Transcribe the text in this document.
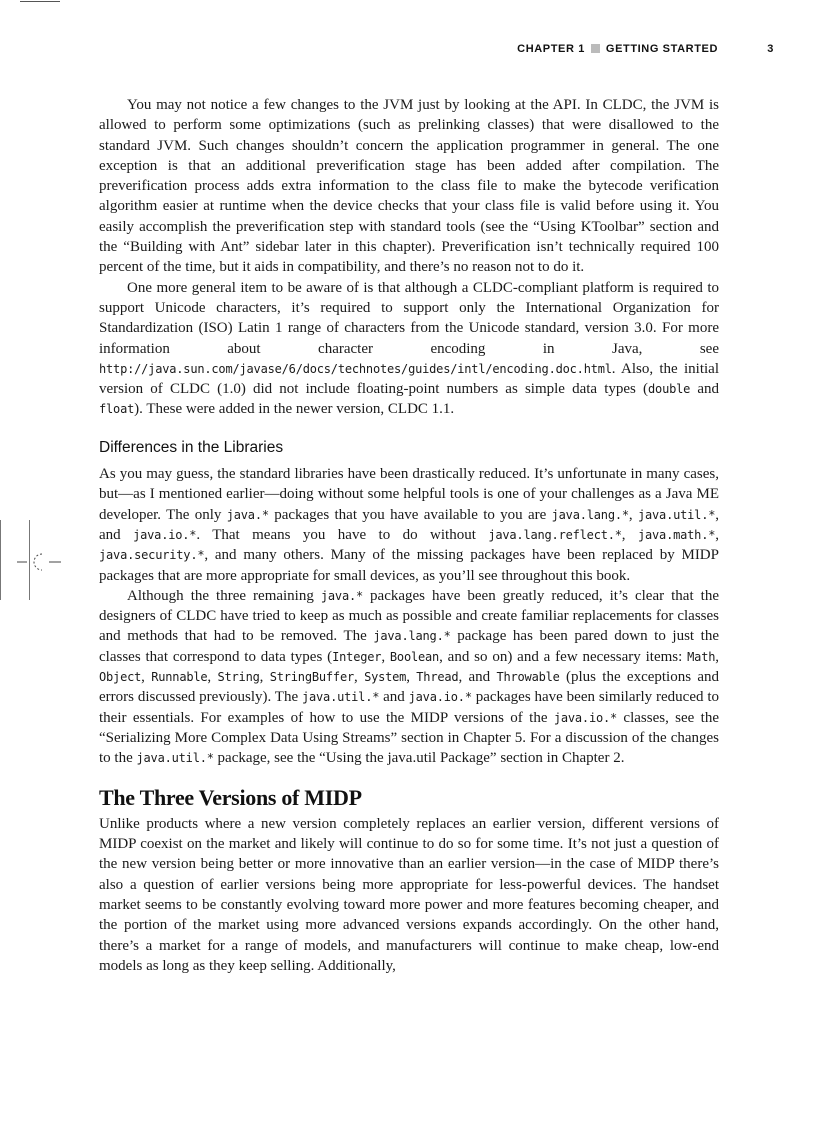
CHAPTER 1 GETTING STARTED	3

You may not notice a few changes to the JVM just by looking at the API. In CLDC, the JVM is allowed to perform some optimizations (such as prelinking classes) that were disallowed to the standard JVM. Such changes shouldn’t concern the application programmer in general. The one exception is that an additional preverification stage has been added after compilation. The preverification process adds extra information to the class file to make the bytecode verification algorithm easier at runtime when the device checks that your class file is valid before using it. You easily accomplish the preverification step with standard tools (see the “Using KToolbar” section and the “Building with Ant” sidebar later in this chapter). Preverification isn’t technically required 100 percent of the time, but it aids in compatibility, and there’s no reason not to do it.

One more general item to be aware of is that although a CLDC-compliant platform is required to support Unicode characters, it’s required to support only the International Organization for Standardization (ISO) Latin 1 range of characters from the Unicode standard, version 3.0. For more information about character encoding in Java, see http://java.sun.com/javase/6/docs/technotes/guides/intl/encoding.doc.html. Also, the initial version of CLDC (1.0) did not include floating-point numbers as simple data types (double and float). These were added in the newer version, CLDC 1.1.

Differences in the Libraries

As you may guess, the standard libraries have been drastically reduced. It’s unfortunate in many cases, but—as I mentioned earlier—doing without some helpful tools is one of your challenges as a Java ME developer. The only java.* packages that you have available to you are java.lang.*, java.util.*, and java.io.*. That means you have to do without java.lang.reflect.*, java.math.*, java.security.*, and many others. Many of the missing packages have been replaced by MIDP packages that are more appropriate for small devices, as you’ll see throughout this book.

Although the three remaining java.* packages have been greatly reduced, it’s clear that the designers of CLDC have tried to keep as much as possible and create familiar replacements for classes and methods that had to be removed. The java.lang.* package has been pared down to just the classes that correspond to data types (Integer, Boolean, and so on) and a few necessary items: Math, Object, Runnable, String, StringBuffer, System, Thread, and Throwable (plus the exceptions and errors discussed previously). The java.util.* and java.io.* packages have been similarly reduced to their essentials. For examples of how to use the MIDP versions of the java.io.* classes, see the “Serializing More Complex Data Using Streams” section in Chapter 5. For a discussion of the changes to the java.util.* package, see the “Using the java.util Package” section in Chapter 2.

The Three Versions of MIDP

Unlike products where a new version completely replaces an earlier version, different versions of MIDP coexist on the market and likely will continue to do so for some time. It’s not just a question of the new version being better or more innovative than an earlier version—in the case of MIDP there’s also a question of earlier versions being more appropriate for less-powerful devices. The handset market seems to be constantly evolving toward more power and more features becoming cheaper, and the portion of the market using more advanced versions expands accordingly. On the other hand, there’s a market for a range of models, and manufacturers will continue to make cheap, low-end models as long as they keep selling. Additionally,
